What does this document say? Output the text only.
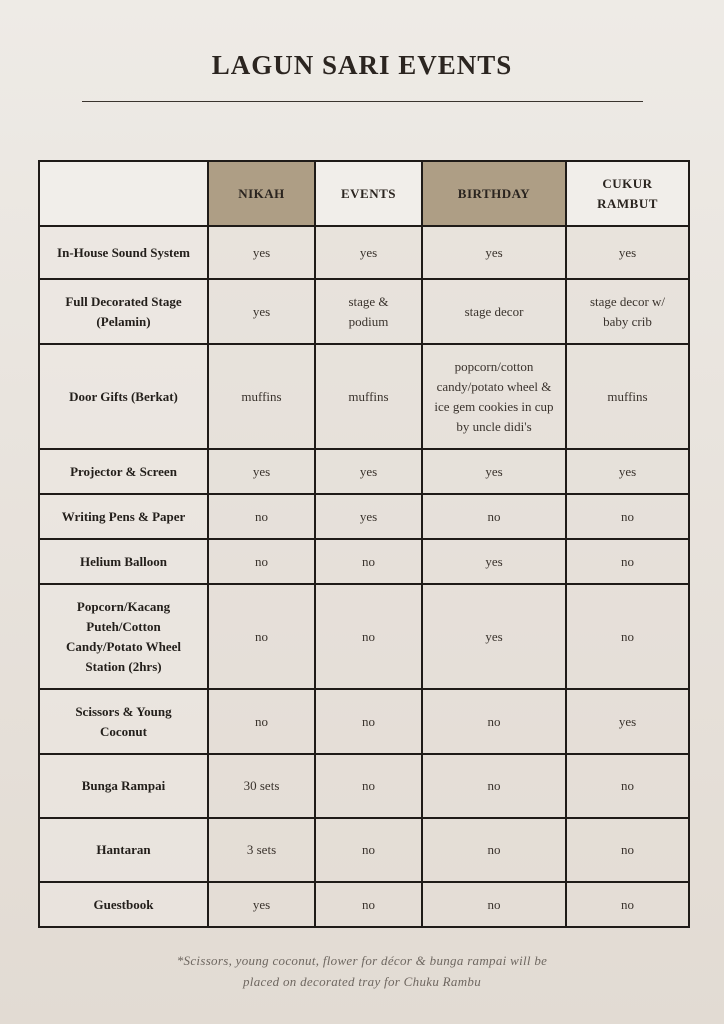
LAGUN SARI EVENTS
	NIKAH	EVENTS	BIRTHDAY	CUKUR RAMBUT
In-House Sound System	yes	yes	yes	yes
Full Decorated Stage (Pelamin)	yes	stage & podium	stage decor	stage decor w/ baby crib
Door Gifts (Berkat)	muffins	muffins	popcorn/cotton candy/potato wheel & ice gem cookies in cup by uncle didi's	muffins
Projector & Screen	yes	yes	yes	yes
Writing Pens & Paper	no	yes	no	no
Helium Balloon	no	no	yes	no
Popcorn/Kacang Puteh/Cotton Candy/Potato Wheel Station (2hrs)	no	no	yes	no
Scissors & Young Coconut	no	no	no	yes
Bunga Rampai	30 sets	no	no	no
Hantaran	3 sets	no	no	no
Guestbook	yes	no	no	no
*Scissors, young coconut, flower for décor & bunga rampai will be
placed on decorated tray for Chuku Rambu
